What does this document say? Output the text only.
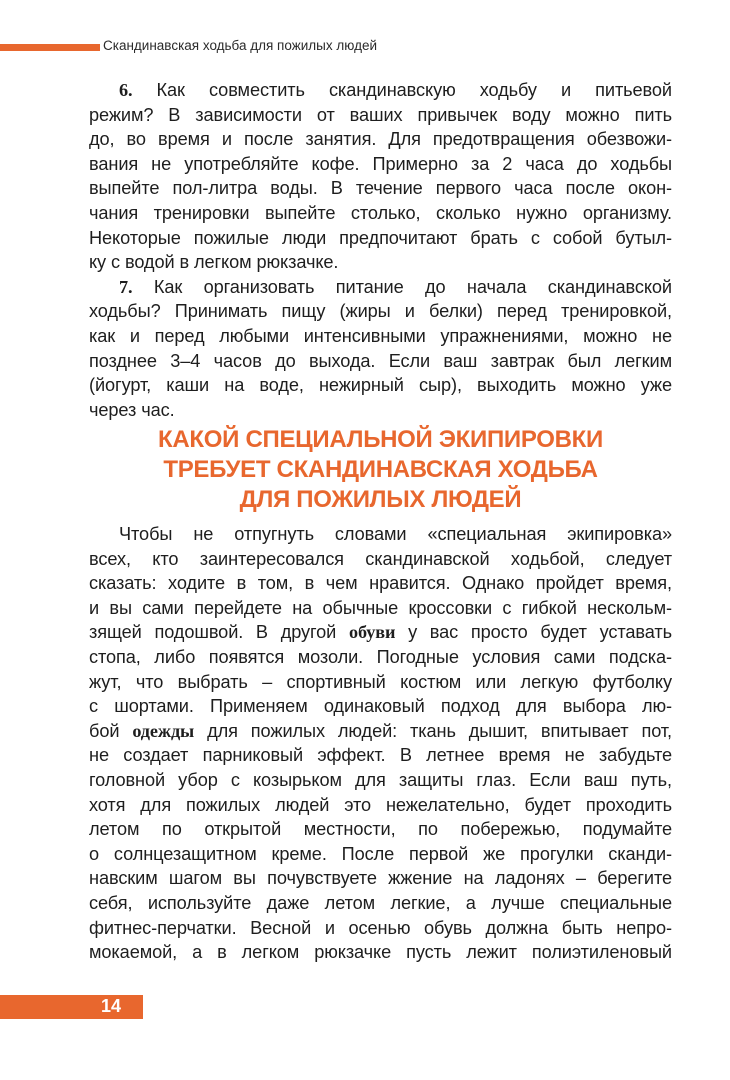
Скандинавская ходьба для пожилых людей

6. Как совместить скандинавскую ходьбу и питьевой
режим? В зависимости от ваших привычек воду можно пить
до, во время и после занятия. Для предотвращения обезвожи-
вания не употребляйте кофе. Примерно за 2 часа до ходьбы
выпейте пол-литра воды. В течение первого часа после окон-
чания тренировки выпейте столько, сколько нужно организму.
Некоторые пожилые люди предпочитают брать с собой бутыл-
ку с водой в легком рюкзачке.

7. Как организовать питание до начала скандинавской
ходьбы? Принимать пищу (жиры и белки) перед тренировкой,
как и перед любыми интенсивными упражнениями, можно не
позднее 3–4 часов до выхода. Если ваш завтрак был легким
(йогурт, каши на воде, нежирный сыр), выходить можно уже
через час.

КАКОЙ СПЕЦИАЛЬНОЙ ЭКИПИРОВКИ
ТРЕБУЕТ СКАНДИНАВСКАЯ ХОДЬБА
ДЛЯ ПОЖИЛЫХ ЛЮДЕЙ

Чтобы не отпугнуть словами «специальная экипировка»
всех, кто заинтересовался скандинавской ходьбой, следует
сказать: ходите в том, в чем нравится. Однако пройдет время,
и вы сами перейдете на обычные кроссовки с гибкой нескольм-
зящей подошвой. В другой обуви у вас просто будет уставать
стопа, либо появятся мозоли. Погодные условия сами подска-
жут, что выбрать – спортивный костюм или легкую футболку
с шортами. Применяем одинаковый подход для выбора лю-
бой одежды для пожилых людей: ткань дышит, впитывает пот,
не создает парниковый эффект. В летнее время не забудьте
головной убор с козырьком для защиты глаз. Если ваш путь,
хотя для пожилых людей это нежелательно, будет проходить
летом по открытой местности, по побережью, подумайте
о солнцезащитном креме. После первой же прогулки сканди-
навским шагом вы почувствуете жжение на ладонях – берегите
себя, используйте даже летом легкие, а лучше специальные
фитнес-перчатки. Весной и осенью обувь должна быть непро-
мокаемой, а в легком рюкзачке пусть лежит полиэтиленовый

14
